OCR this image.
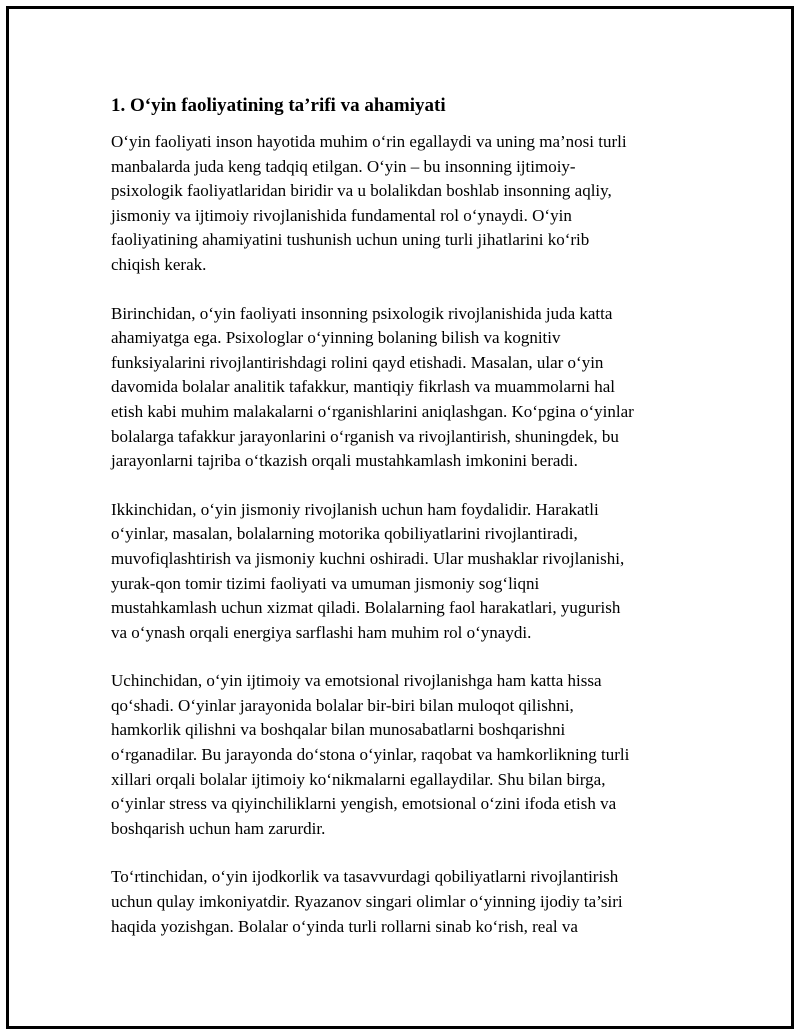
1. O‘yin faoliyatining ta’rifi va ahamiyati

O‘yin faoliyati inson hayotida muhim o‘rin egallaydi va uning ma’nosi turli
manbalarda juda keng tadqiq etilgan. O‘yin – bu insonning ijtimoiy-
psixologik faoliyatlaridan biridir va u bolalikdan boshlab insonning aqliy,
jismoniy va ijtimoiy rivojlanishida fundamental rol o‘ynaydi. O‘yin
faoliyatining ahamiyatini tushunish uchun uning turli jihatlarini ko‘rib
chiqish kerak.

Birinchidan, o‘yin faoliyati insonning psixologik rivojlanishida juda katta
ahamiyatga ega. Psixologlar o‘yinning bolaning bilish va kognitiv
funksiyalarini rivojlantirishdagi rolini qayd etishadi. Masalan, ular o‘yin
davomida bolalar analitik tafakkur, mantiqiy fikrlash va muammolarni hal
etish kabi muhim malakalarni o‘rganishlarini aniqlashgan. Ko‘pgina o‘yinlar
bolalarga tafakkur jarayonlarini o‘rganish va rivojlantirish, shuningdek, bu
jarayonlarni tajriba o‘tkazish orqali mustahkamlash imkonini beradi.

Ikkinchidan, o‘yin jismoniy rivojlanish uchun ham foydalidir. Harakatli
o‘yinlar, masalan, bolalarning motorika qobiliyatlarini rivojlantiradi,
muvofiqlashtirish va jismoniy kuchni oshiradi. Ular mushaklar rivojlanishi,
yurak-qon tomir tizimi faoliyati va umuman jismoniy sog‘liqni
mustahkamlash uchun xizmat qiladi. Bolalarning faol harakatlari, yugurish
va o‘ynash orqali energiya sarflashi ham muhim rol o‘ynaydi.

Uchinchidan, o‘yin ijtimoiy va emotsional rivojlanishga ham katta hissa
qo‘shadi. O‘yinlar jarayonida bolalar bir-biri bilan muloqot qilishni,
hamkorlik qilishni va boshqalar bilan munosabatlarni boshqarishni
o‘rganadilar. Bu jarayonda do‘stona o‘yinlar, raqobat va hamkorlikning turli
xillari orqali bolalar ijtimoiy ko‘nikmalarni egallaydilar. Shu bilan birga,
o‘yinlar stress va qiyinchiliklarni yengish, emotsional o‘zini ifoda etish va
boshqarish uchun ham zarurdir.

To‘rtinchidan, o‘yin ijodkorlik va tasavvurdagi qobiliyatlarni rivojlantirish
uchun qulay imkoniyatdir. Ryazanov singari olimlar o‘yinning ijodiy ta’siri
haqida yozishgan. Bolalar o‘yinda turli rollarni sinab ko‘rish, real va
